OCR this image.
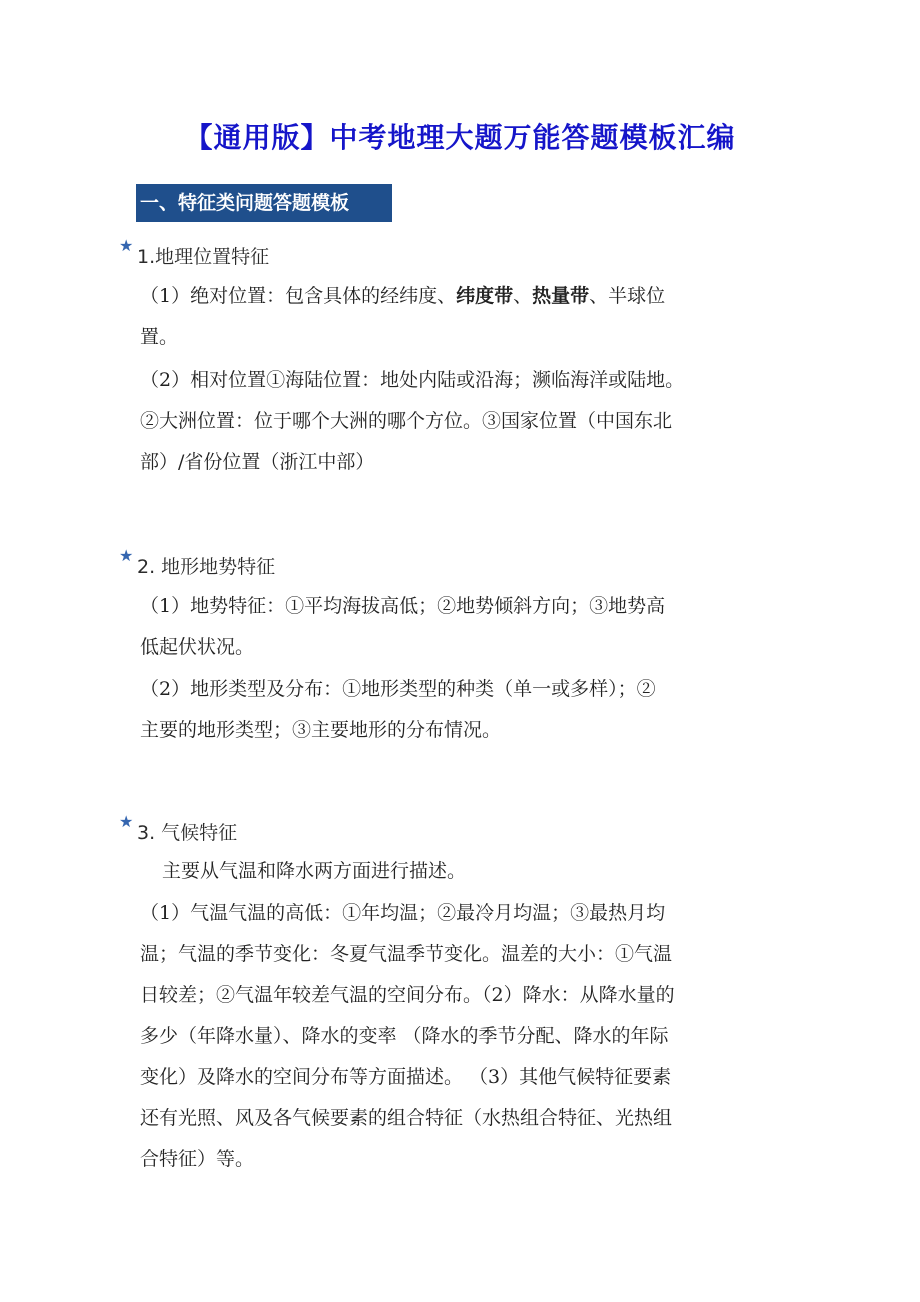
【通用版】中考地理大题万能答题模板汇编
一、特征类问题答题模板
★
1.地理位置特征
（1）绝对位置：包含具体的经纬度、纬度带、热量带、半球位
置。
（2）相对位置①海陆位置：地处内陆或沿海；濒临海洋或陆地。
②大洲位置：位于哪个大洲的哪个方位。③国家位置（中国东北
部）/省份位置（浙江中部）
★
2. 地形地势特征
（1）地势特征：①平均海拔高低；②地势倾斜方向；③地势高
低起伏状况。
（2）地形类型及分布：①地形类型的种类（单一或多样）；②
主要的地形类型；③主要地形的分布情况。
★
3. 气候特征
主要从气温和降水两方面进行描述。
（1）气温气温的高低：①年均温；②最冷月均温；③最热月均
温；气温的季节变化：冬夏气温季节变化。温差的大小：①气温
日较差；②气温年较差气温的空间分布。（2）降水：从降水量的
多少（年降水量）、降水的变率 （降水的季节分配、降水的年际
变化）及降水的空间分布等方面描述。 （3）其他气候特征要素
还有光照、风及各气候要素的组合特征（水热组合特征、光热组
合特征）等。
